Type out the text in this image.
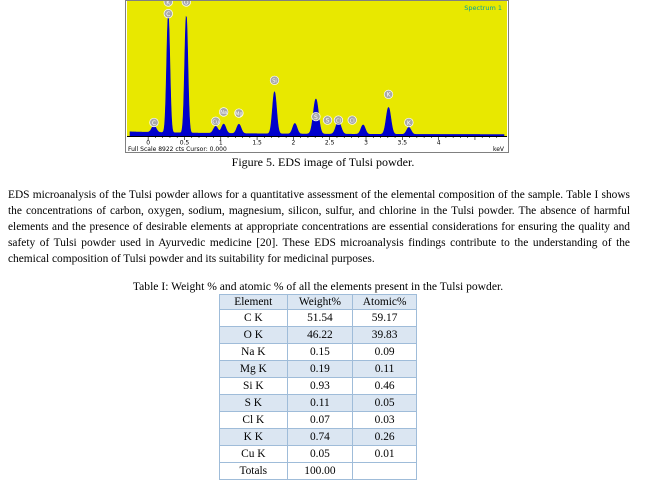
C
K
C
O
Cu
Na Mg
Si
S
S Cl Cl
K
K
Spectrum 1
0	0.5	1	1.5	2	2.5	3	3.5	4
Full Scale 8922 cts Cursor: 0.000	keV
Figure 5. EDS image of Tulsi powder.

EDS microanalysis of the Tulsi powder allows for a quantitative assessment of the elemental composition of the sample. Table I shows the concentrations of carbon, oxygen, sodium, magnesium, silicon, sulfur, and chlorine in the Tulsi powder. The absence of harmful elements and the presence of desirable elements at appropriate concentrations are essential considerations for ensuring the quality and safety of Tulsi powder used in Ayurvedic medicine [20]. These EDS microanalysis findings contribute to the understanding of the chemical composition of Tulsi powder and its suitability for medicinal purposes.

Table I: Weight % and atomic % of all the elements present in the Tulsi powder.
Element	Weight%	Atomic%
C K	51.54	59.17
O K	46.22	39.83
Na K	0.15	0.09
Mg K	0.19	0.11
Si K	0.93	0.46
S K	0.11	0.05
Cl K	0.07	0.03
K K	0.74	0.26
Cu K	0.05	0.01
Totals	100.00	
